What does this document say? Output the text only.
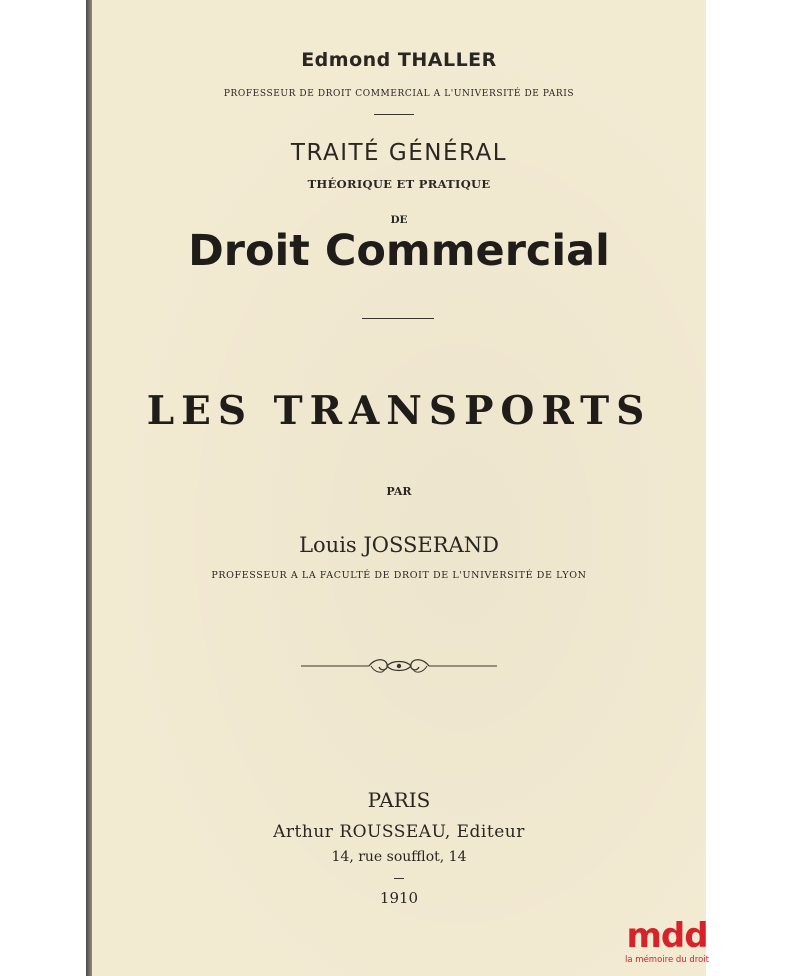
Edmond THALLER
PROFESSEUR DE DROIT COMMERCIAL A L'UNIVERSITÉ DE PARIS
TRAITÉ GÉNÉRAL
THÉORIQUE ET PRATIQUE
DE
Droit Commercial
LES TRANSPORTS
PAR
Louis JOSSERAND
PROFESSEUR A LA FACULTÉ DE DROIT DE L'UNIVERSITÉ DE LYON
PARIS
Arthur ROUSSEAU, Editeur
14, rue soufflot, 14
1910
mdd
la mémoire du droit
